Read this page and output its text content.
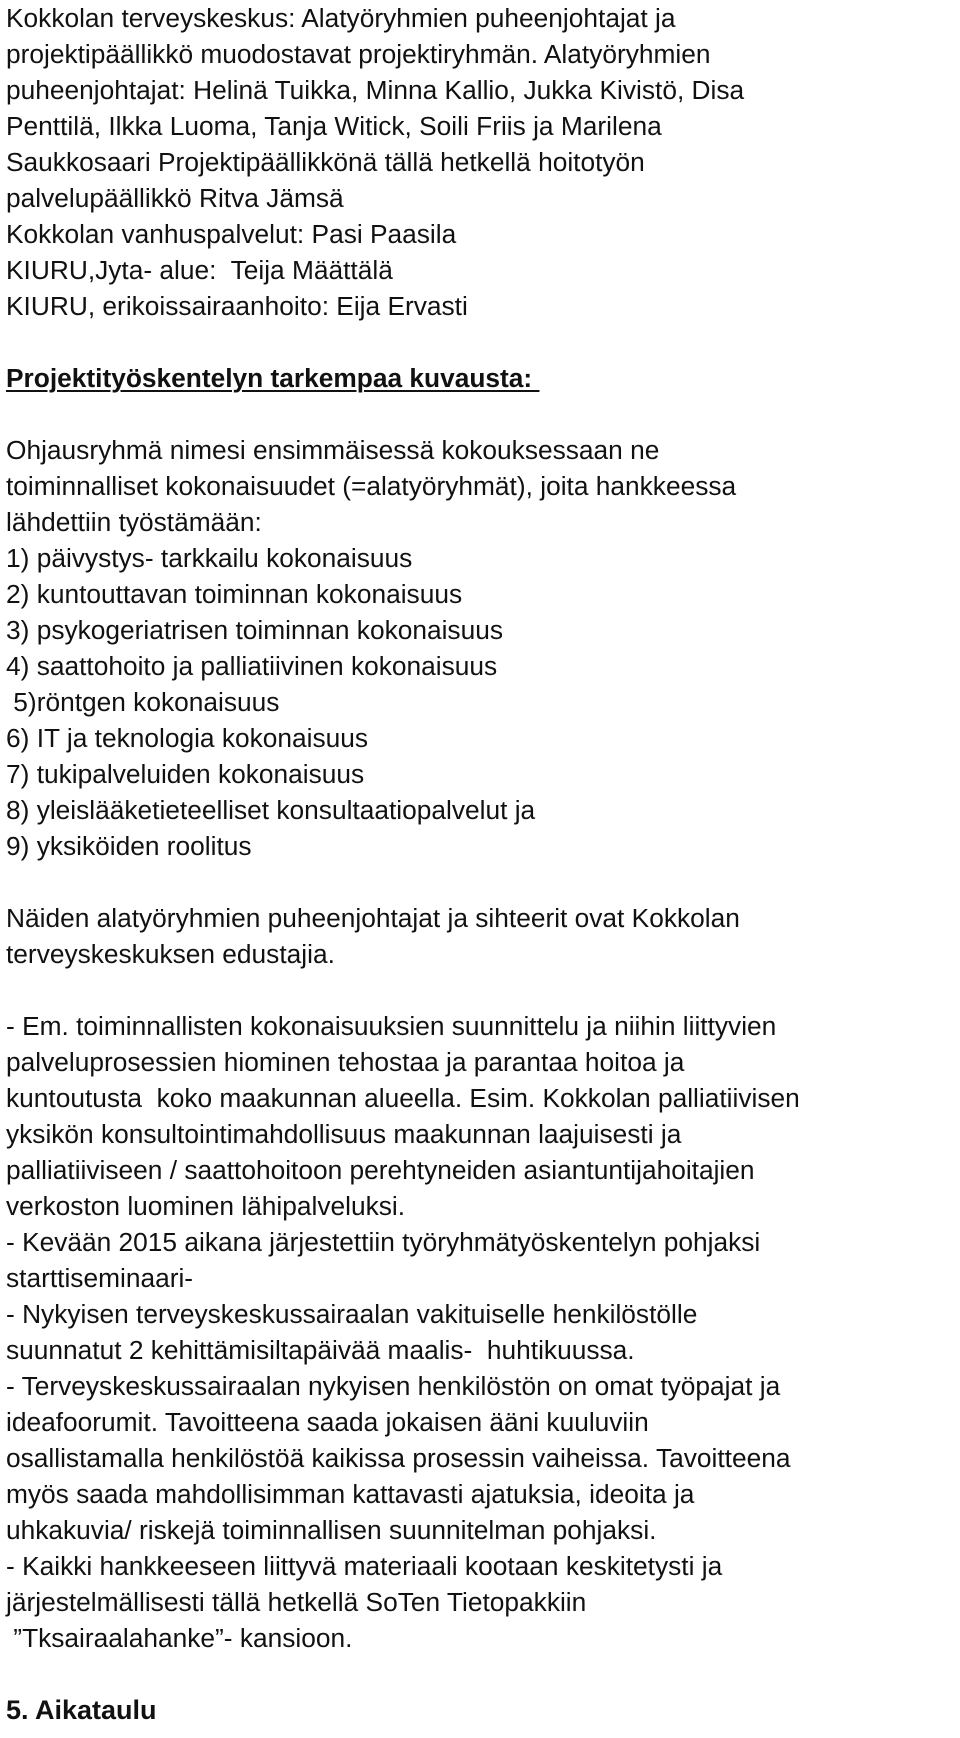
Kokkolan terveyskeskus: Alatyöryhmien puheenjohtajat ja
projektipäällikkö muodostavat projektiryhmän. Alatyöryhmien
puheenjohtajat: Helinä Tuikka, Minna Kallio, Jukka Kivistö, Disa
Penttilä, Ilkka Luoma, Tanja Witick, Soili Friis ja Marilena
Saukkosaari Projektipäällikkönä tällä hetkellä hoitotyön
palvelupäällikkö Ritva Jämsä
Kokkolan vanhuspalvelut: Pasi Paasila
KIURU,Jyta- alue:  Teija Määttälä
KIURU, erikoissairaanhoito: Eija Ervasti
Projektityöskentelyn tarkempaa kuvausta:
Ohjausryhmä nimesi ensimmäisessä kokouksessaan ne
toiminnalliset kokonaisuudet (=alatyöryhmät), joita hankkeessa
lähdettiin työstämään:
1) päivystys- tarkkailu kokonaisuus
2) kuntouttavan toiminnan kokonaisuus
3) psykogeriatrisen toiminnan kokonaisuus
4) saattohoito ja palliatiivinen kokonaisuus
5)röntgen kokonaisuus
6) IT ja teknologia kokonaisuus
7) tukipalveluiden kokonaisuus
8) yleislääketieteelliset konsultaatiopalvelut ja
9) yksiköiden roolitus
Näiden alatyöryhmien puheenjohtajat ja sihteerit ovat Kokkolan
terveyskeskuksen edustajia.
- Em. toiminnallisten kokonaisuuksien suunnittelu ja niihin liittyvien
palveluprosessien hiominen tehostaa ja parantaa hoitoa ja
kuntoutusta  koko maakunnan alueella. Esim. Kokkolan palliatiivisen
yksikön konsultointimahdollisuus maakunnan laajuisesti ja
palliatiiviseen / saattohoitoon perehtyneiden asiantuntijahoitajien
verkoston luominen lähipalveluksi.
- Kevään 2015 aikana järjestettiin työryhmätyöskentelyn pohjaksi
starttiseminaari-
- Nykyisen terveyskeskussairaalan vakituiselle henkilöstölle
suunnatut 2 kehittämisiltapäivää maalis-  huhtikuussa.
- Terveyskeskussairaalan nykyisen henkilöstön on omat työpajat ja
ideafoorumit. Tavoitteena saada jokaisen ääni kuuluviin
osallistamalla henkilöstöä kaikissa prosessin vaiheissa. Tavoitteena
myös saada mahdollisimman kattavasti ajatuksia, ideoita ja
uhkakuvia/ riskejä toiminnallisen suunnitelman pohjaksi.
- Kaikki hankkeeseen liittyvä materiaali kootaan keskitetysti ja
järjestelmällisesti tällä hetkellä SoTen Tietopakkiin
”Tksairaalahanke”- kansioon.
5. Aikataulu
